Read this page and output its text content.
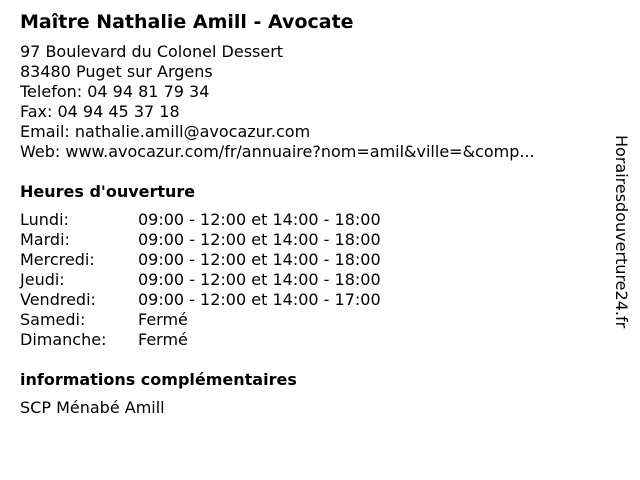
Maître Nathalie Amill - Avocate
97 Boulevard du Colonel Dessert
83480 Puget sur Argens
Telefon: 04 94 81 79 34
Fax: 04 94 45 37 18
Email: nathalie.amill@avocazur.com
Web: www.avocazur.com/fr/annuaire?nom=amil&ville=&comp...
Heures d'ouverture
Lundi:	09:00 - 12:00 et 14:00 - 18:00
Mardi:	09:00 - 12:00 et 14:00 - 18:00
Mercredi:	09:00 - 12:00 et 14:00 - 18:00
Jeudi:	09:00 - 12:00 et 14:00 - 18:00
Vendredi:	09:00 - 12:00 et 14:00 - 17:00
Samedi:	Fermé
Dimanche:	Fermé
informations complémentaires
SCP Ménabé Amill
Horairesdouverture24.fr
